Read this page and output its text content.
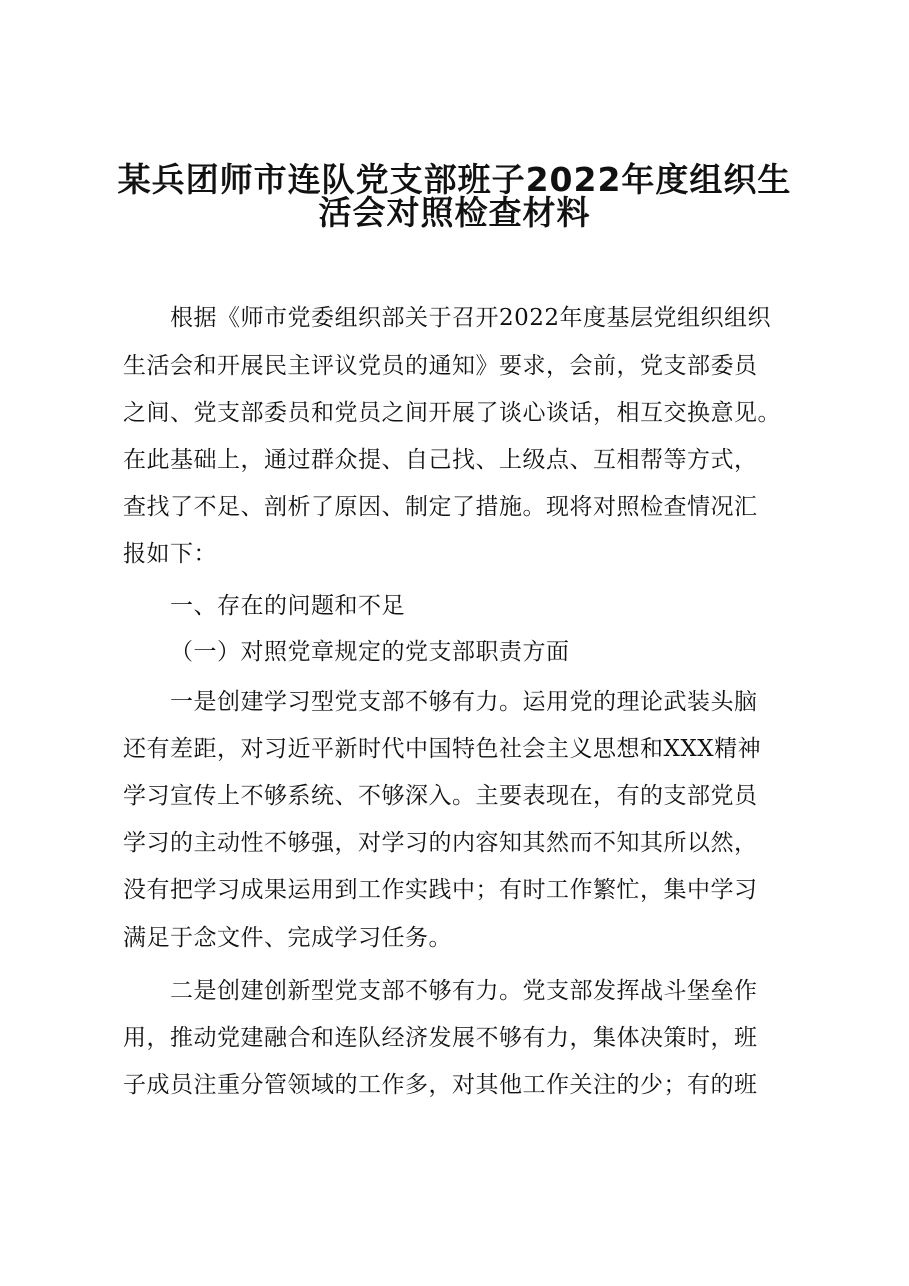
某兵团师市连队党支部班子2022年度组织生
活会对照检查材料

根据《师市党委组织部关于召开2022年度基层党组织组织

生活会和开展民主评议党员的通知》要求，会前，党支部委员

之间、党支部委员和党员之间开展了谈心谈话，相互交换意见。

在此基础上，通过群众提、自己找、上级点、互相帮等方式，

查找了不足、剖析了原因、制定了措施。现将对照检查情况汇

报如下：

一、存在的问题和不足

（一）对照党章规定的党支部职责方面

一是创建学习型党支部不够有力。运用党的理论武装头脑

还有差距，对习近平新时代中国特色社会主义思想和XXX精神

学习宣传上不够系统、不够深入。主要表现在，有的支部党员

学习的主动性不够强，对学习的内容知其然而不知其所以然，

没有把学习成果运用到工作实践中；有时工作繁忙，集中学习

满足于念文件、完成学习任务。

二是创建创新型党支部不够有力。党支部发挥战斗堡垒作

用，推动党建融合和连队经济发展不够有力，集体决策时，班

子成员注重分管领域的工作多，对其他工作关注的少；有的班
